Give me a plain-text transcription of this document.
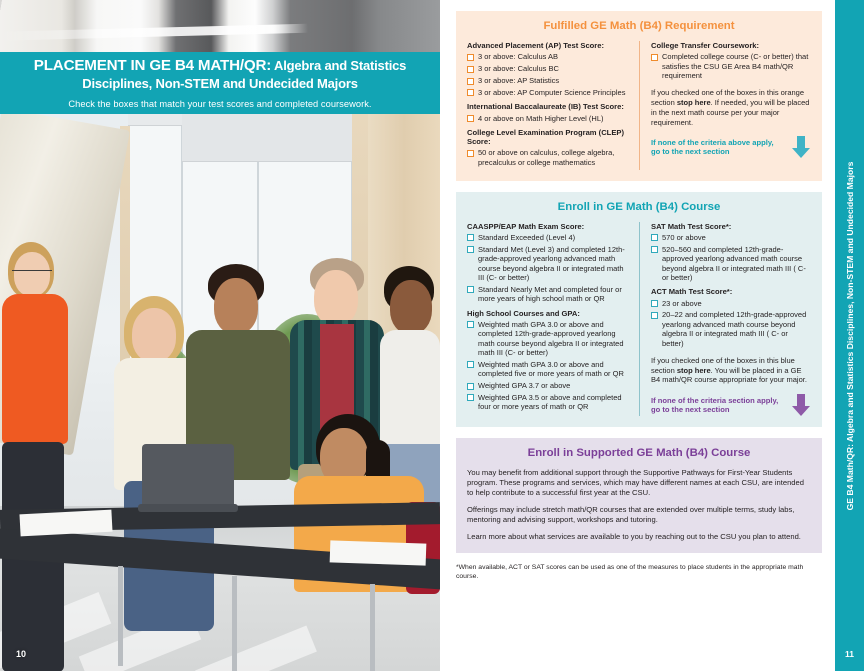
PLACEMENT IN GE B4 MATH/QR: Algebra and Statistics Disciplines, Non-STEM and Undecided Majors
Check the boxes that match your test scores and completed coursework.
10
Fulfilled GE Math (B4) Requirement
Advanced Placement (AP) Test Score:
3 or above: Calculus AB
3 or above: Calculus BC
3 or above: AP Statistics
3 or above: AP Computer Science Principles
International Baccalaureate (IB) Test Score:
4 or above on Math Higher Level (HL)
College Level Examination Program (CLEP) Score:
50 or above on calculus, college algebra, precalculus or college mathematics
College Transfer Coursework:
Completed college course (C- or better) that satisfies the CSU GE Area B4 math/QR requirement
If you checked one of the boxes in this orange section stop here. If needed, you will be placed in the next math course per your major requirement.
If none of the criteria above apply, go to the next section
Enroll in GE Math (B4) Course
CAASPP/EAP Math Exam Score:
Standard Exceeded (Level 4)
Standard Met (Level 3) and completed 12th-grade-approved yearlong advanced math course beyond algebra II or integrated math III (C- or better)
Standard Nearly Met and completed four or more years of high school math or QR
High School Courses and GPA:
Weighted math GPA 3.0 or above and completed 12th-grade-approved yearlong math course beyond algebra II or integrated math III (C- or better)
Weighted math GPA 3.0 or above and completed five or more years of math or QR
Weighted GPA 3.7 or above
Weighted GPA 3.5 or above and completed four or more years of math or QR
SAT Math Test Score*:
570 or above
520–560 and completed 12th-grade-approved yearlong advanced math course beyond algebra II or integrated math III ( C- or better)
ACT Math Test Score*:
23 or above
20–22 and completed 12th-grade-approved yearlong advanced math course beyond algebra II or integrated math III ( C- or better)
If you checked one of the boxes in this blue section stop here. You will be placed in a GE B4 math/QR course appropriate for your major.
If none of the criteria section apply, go to the next section
Enroll in Supported GE Math (B4) Course

You may benefit from additional support through the Supportive Pathways for First-Year Students program. These programs and services, which may have different names at each CSU, are intended to help contribute to a successful first year at the CSU.

Offerings may include stretch math/QR courses that are extended over multiple terms, study labs, mentoring and advising support, workshops and tutoring.

Learn more about what services are available to you by reaching out to the CSU you plan to attend.

*When available, ACT or SAT scores can be used as one of the measures to place students in the appropriate math course.
GE B4 Math/QR: Algebra and Statistics Disciplines, Non-STEM and Undecided Majors
11
